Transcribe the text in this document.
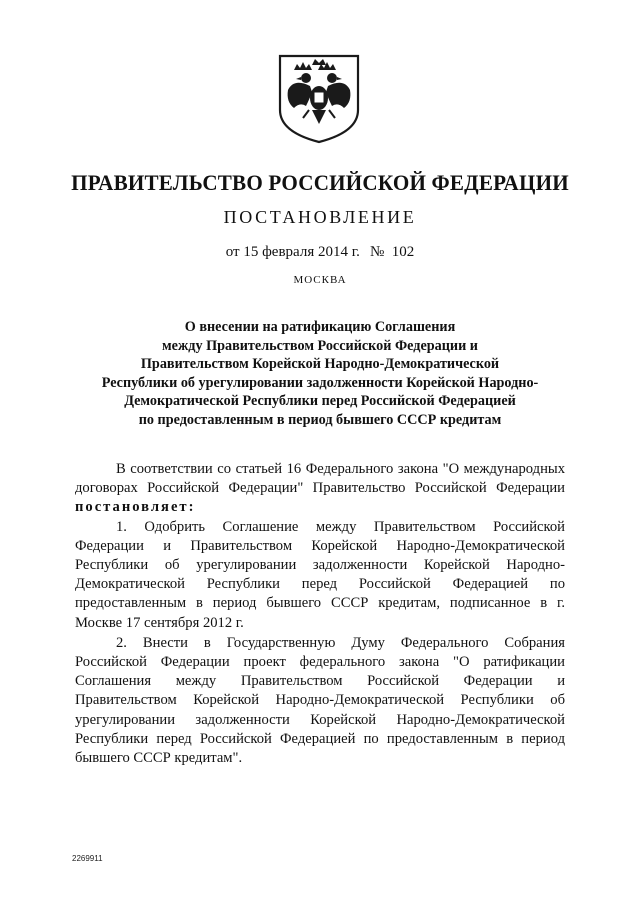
ПРАВИТЕЛЬСТВО РОССИЙСКОЙ ФЕДЕРАЦИИ
ПОСТАНОВЛЕНИЕ
от 15 февраля 2014 г. № 102
МОСКВА
О внесении на ратификацию Соглашения
между Правительством Российской Федерации и
Правительством Корейской Народно-Демократической
Республики об урегулировании задолженности Корейской Народно-
Демократической Республики перед Российской Федерацией
по предоставленным в период бывшего СССР кредитам
В соответствии со статьей 16 Федерального закона "О международных договорах Российской Федерации" Правительство Российской Федерации постановляет:
1. Одобрить Соглашение между Правительством Российской Федерации и Правительством Корейской Народно-Демократической Республики об урегулировании задолженности Корейской Народно-Демократической Республики перед Российской Федерацией по предоставленным в период бывшего СССР кредитам, подписанное в г. Москве 17 сентября 2012 г.
2. Внести в Государственную Думу Федерального Собрания Российской Федерации проект федерального закона "О ратификации Соглашения между Правительством Российской Федерации и Правительством Корейской Народно-Демократической Республики об урегулировании задолженности Корейской Народно-Демократической Республики перед Российской Федерацией по предоставленным в период бывшего СССР кредитам".
2269911
